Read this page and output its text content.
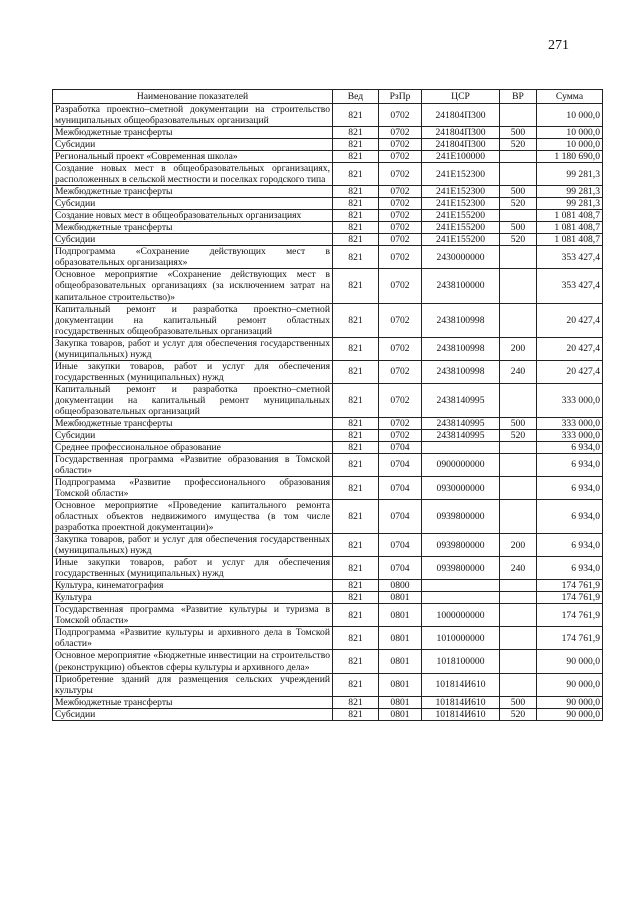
271
Наименование показателей	Вед	РзПр	ЦСР	ВР	Сумма
Разработка проектно–сметной документации на строительство муниципальных общеобразовательных организаций	821	0702	241804П300		10 000,0
Межбюджетные трансферты	821	0702	241804П300	500	10 000,0
Субсидии	821	0702	241804П300	520	10 000,0
Региональный проект «Современная школа»	821	0702	241Е100000		1 180 690,0
Создание новых мест в общеобразовательных организациях, расположенных в сельской местности и поселках городского типа	821	0702	241Е152300		99 281,3
Межбюджетные трансферты	821	0702	241Е152300	500	99 281,3
Субсидии	821	0702	241Е152300	520	99 281,3
Создание новых мест в общеобразовательных организациях	821	0702	241Е155200		1 081 408,7
Межбюджетные трансферты	821	0702	241Е155200	500	1 081 408,7
Субсидии	821	0702	241Е155200	520	1 081 408,7
Подпрограмма «Сохранение действующих мест в образовательных организациях»	821	0702	2430000000		353 427,4
Основное мероприятие «Сохранение действующих мест в общеобразовательных организациях (за исключением затрат на капитальное строительство)»	821	0702	2438100000		353 427,4
Капитальный ремонт и разработка проектно–сметной документации на капитальный ремонт областных государственных общеобразовательных организаций	821	0702	2438100998		20 427,4
Закупка товаров, работ и услуг для обеспечения государственных (муниципальных) нужд	821	0702	2438100998	200	20 427,4
Иные закупки товаров, работ и услуг для обеспечения государственных (муниципальных) нужд	821	0702	2438100998	240	20 427,4
Капитальный ремонт и разработка проектно–сметной документации на капитальный ремонт муниципальных общеобразовательных организаций	821	0702	2438140995		333 000,0
Межбюджетные трансферты	821	0702	2438140995	500	333 000,0
Субсидии	821	0702	2438140995	520	333 000,0
Среднее профессиональное образование	821	0704			6 934,0
Государственная программа «Развитие образования в Томской области»	821	0704	0900000000		6 934,0
Подпрограмма «Развитие профессионального образования Томской области»	821	0704	0930000000		6 934,0
Основное мероприятие «Проведение капитального ремонта областных объектов недвижимого имущества (в том числе разработка проектной документации)»	821	0704	0939800000		6 934,0
Закупка товаров, работ и услуг для обеспечения государственных (муниципальных) нужд	821	0704	0939800000	200	6 934,0
Иные закупки товаров, работ и услуг для обеспечения государственных (муниципальных) нужд	821	0704	0939800000	240	6 934,0
Культура, кинематография	821	0800			174 761,9
Культура	821	0801			174 761,9
Государственная программа «Развитие культуры и туризма в Томской области»	821	0801	1000000000		174 761,9
Подпрограмма «Развитие культуры и архивного дела в Томской области»	821	0801	1010000000		174 761,9
Основное мероприятие «Бюджетные инвестиции на строительство (реконструкцию) объектов сферы культуры и архивного дела»	821	0801	1018100000		90 000,0
Приобретение зданий для размещения сельских учреждений культуры	821	0801	101814И610		90 000,0
Межбюджетные трансферты	821	0801	101814И610	500	90 000,0
Субсидии	821	0801	101814И610	520	90 000,0
